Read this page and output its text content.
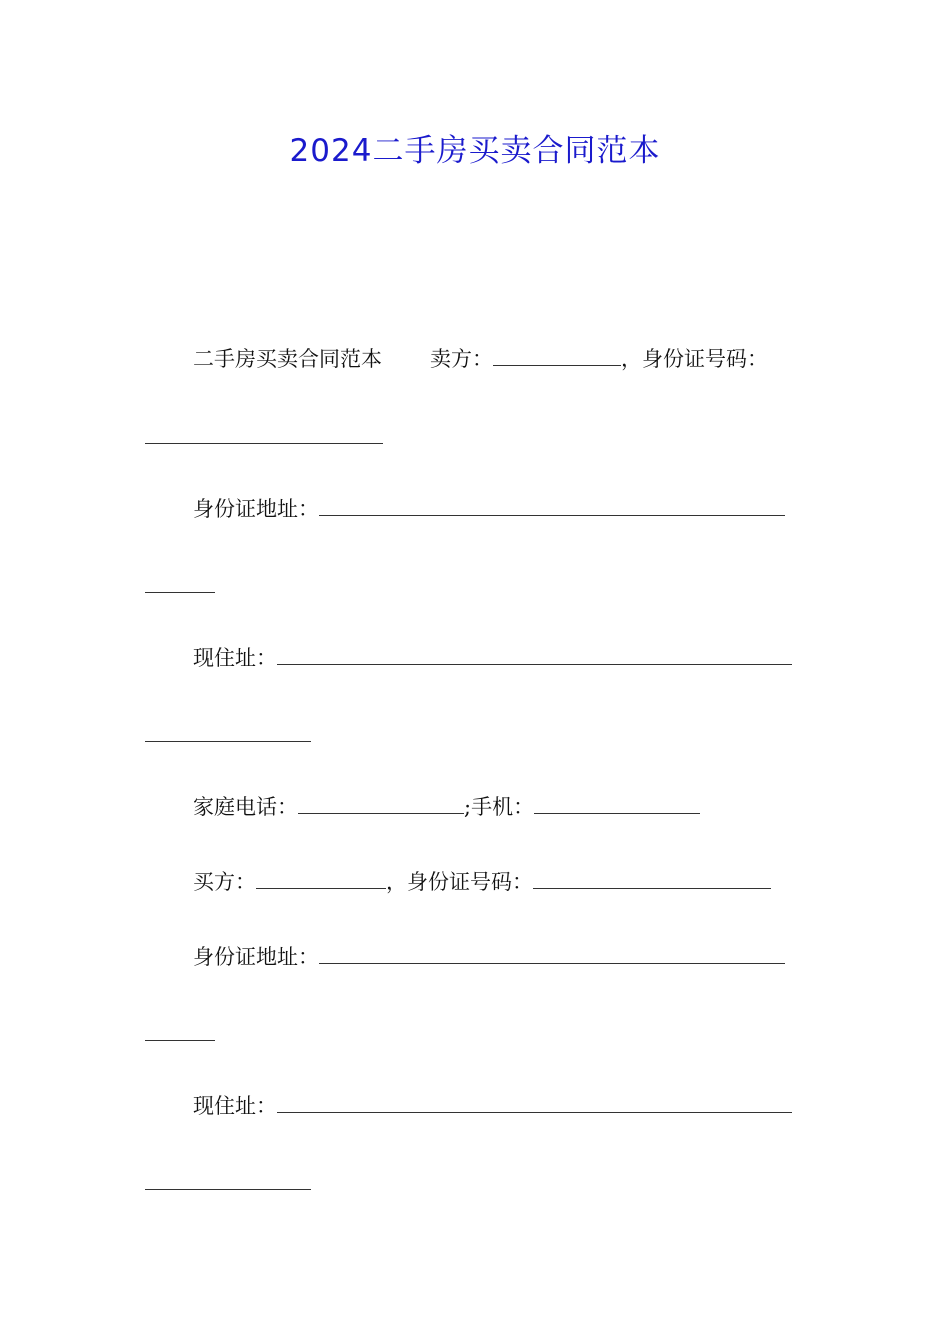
2024二手房买卖合同范本
二手房买卖合同范本 卖方：	，身份证号码：
身份证地址：
现住址：
家庭电话：	;手机：
买方：	，身份证号码：
身份证地址：
现住址：
